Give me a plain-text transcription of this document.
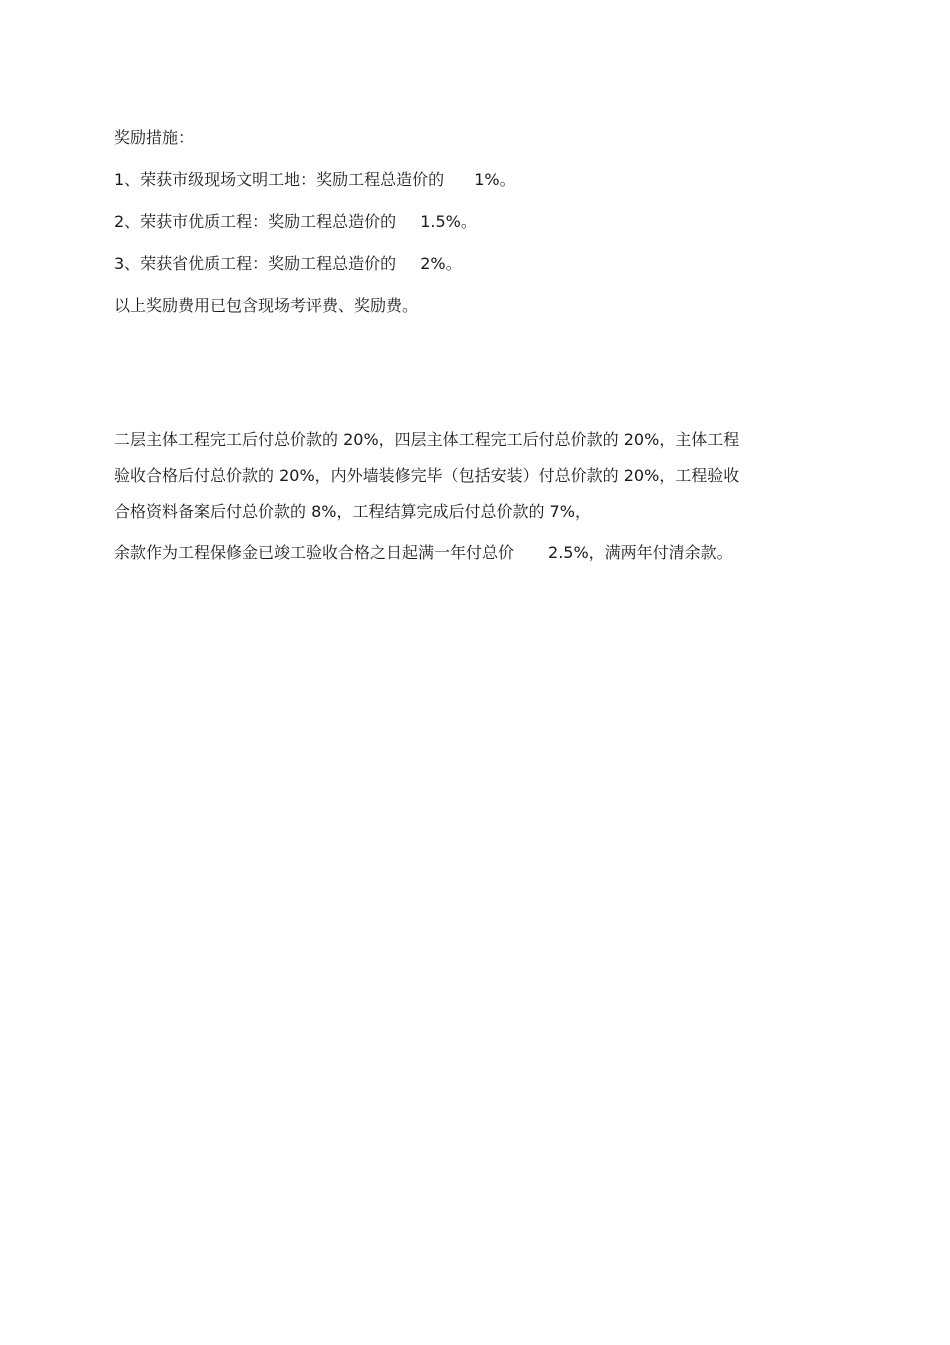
奖励措施：
1、荣获市级现场文明工地：奖励工程总造价的 1%。
2、荣获市优质工程：奖励工程总造价的 1.5%。
3、荣获省优质工程：奖励工程总造价的 2%。
以上奖励费用已包含现场考评费、奖励费。
二层主体工程完工后付总价款的 20%，四层主体工程完工后付总价款的 20%，主体工程
验收合格后付总价款的 20%，内外墙装修完毕（包括安装）付总价款的 20%，工程验收
合格资料备案后付总价款的 8%，工程结算完成后付总价款的 7%，
余款作为工程保修金已竣工验收合格之日起满一年付总价 2.5%，满两年付清余款。
